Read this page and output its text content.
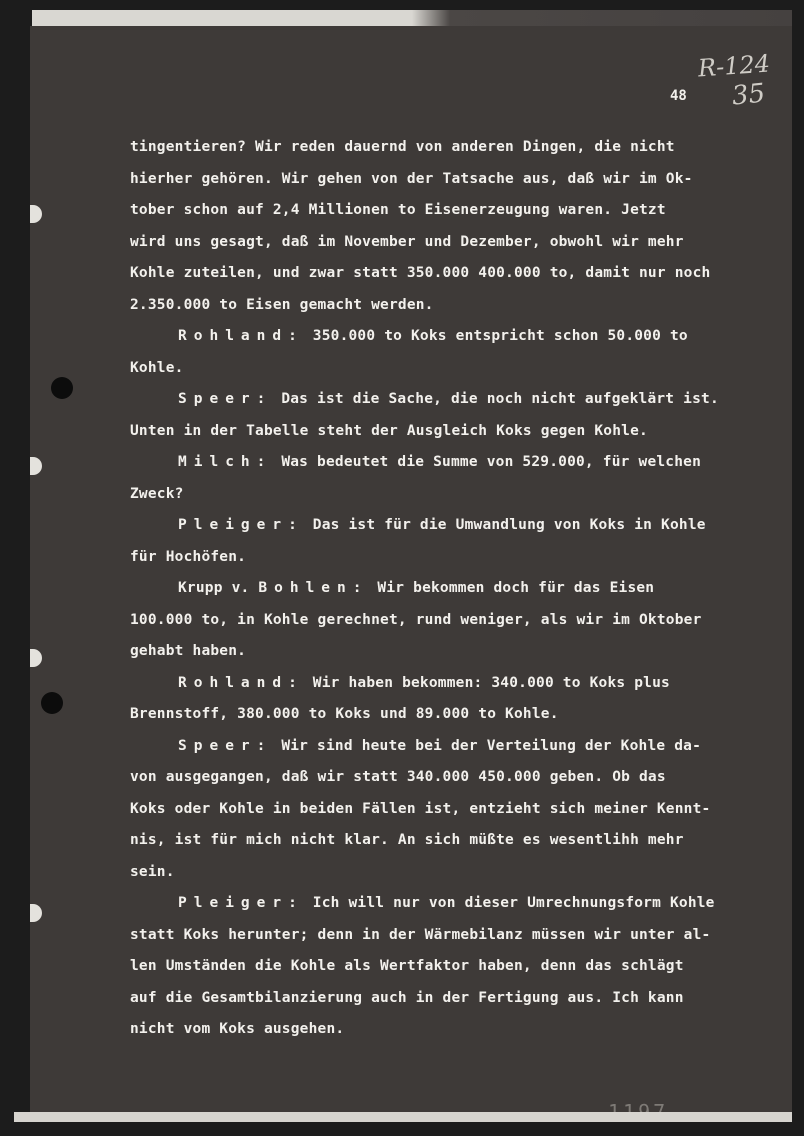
48
R-124
35

tingentieren? Wir reden dauernd von anderen Dingen, die nicht
hierher gehören. Wir gehen von der Tatsache aus, daß wir im Ok-
tober schon auf 2,4 Millionen to Eisenerzeugung waren. Jetzt
wird uns gesagt, daß im November und Dezember, obwohl wir mehr
Kohle zuteilen, und zwar statt 350.000 400.000 to, damit nur noch
2.350.000 to Eisen gemacht werden.

Rohland: 350.000 to Koks entspricht schon 50.000 to
Kohle.

Speer: Das ist die Sache, die noch nicht aufgeklärt ist.
Unten in der Tabelle steht der Ausgleich Koks gegen Kohle.

Milch: Was bedeutet die Summe von 529.000, für welchen
Zweck?

Pleiger: Das ist für die Umwandlung von Koks in Kohle
für Hochöfen.

Krupp v. Bohlen: Wir bekommen doch für das Eisen
100.000 to, in Kohle gerechnet, rund weniger, als wir im Oktober
gehabt haben.

Rohland: Wir haben bekommen: 340.000 to Koks plus
Brennstoff, 380.000 to Koks und 89.000 to Kohle.

Speer: Wir sind heute bei der Verteilung der Kohle da-
von ausgegangen, daß wir statt 340.000 450.000 geben. Ob das
Koks oder Kohle in beiden Fällen ist, entzieht sich meiner Kennt-
nis, ist für mich nicht klar. An sich müßte es wesentlihh mehr
sein.

Pleiger: Ich will nur von dieser Umrechnungsform Kohle
statt Koks herunter; denn in der Wärmebilanz müssen wir unter al-
len Umständen die Kohle als Wertfaktor haben, denn das schlägt
auf die Gesamtbilanzierung auch in der Fertigung aus. Ich kann
nicht vom Koks ausgehen.
